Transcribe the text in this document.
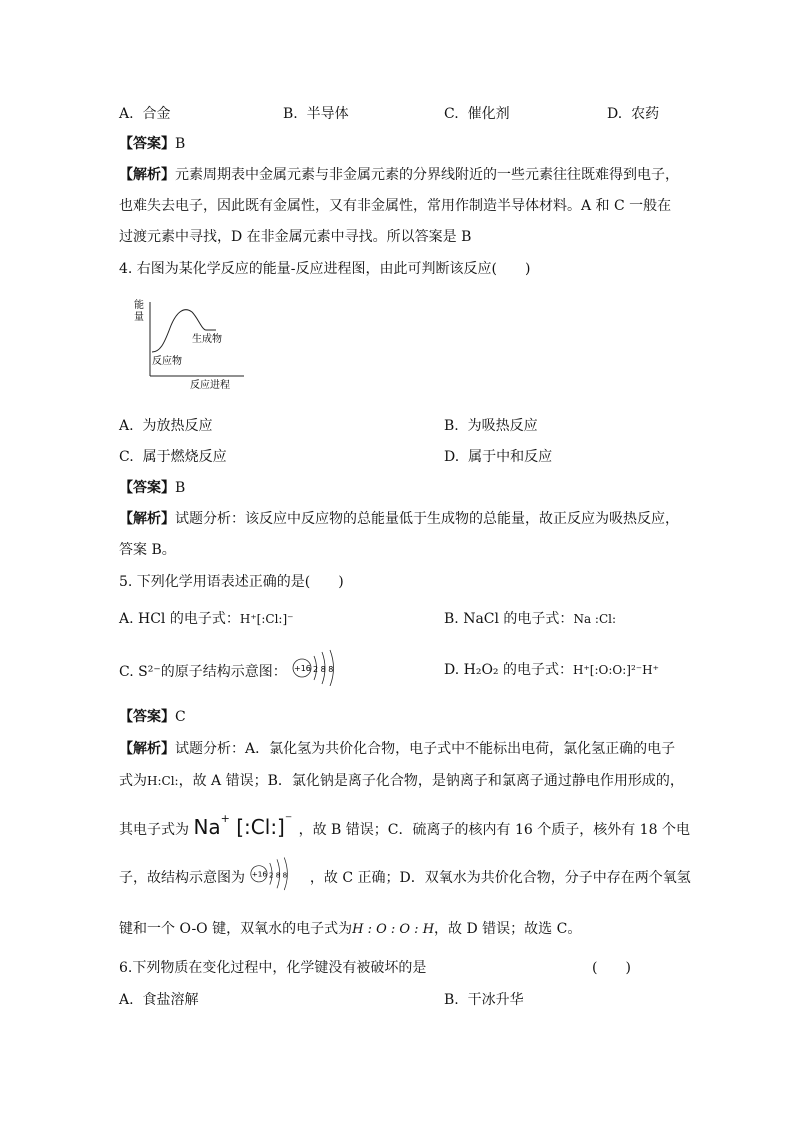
A. 合金	B. 半导体	C. 催化剂	D. 农药
【答案】B
【解析】元素周期表中金属元素与非金属元素的分界线附近的一些元素往往既难得到电子，
也难失去电子，因此既有金属性，又有非金属性，常用作制造半导体材料。A 和 C 一般在
过渡元素中寻找，D 在非金属元素中寻找。所以答案是 B
4. 右图为某化学反应的能量-反应进程图，由此可判断该反应(　　)
能
量
生成物
反应物
反应进程
A. 为放热反应	B. 为吸热反应
C. 属于燃烧反应	D. 属于中和反应
【答案】B
【解析】试题分析：该反应中反应物的总能量低于生成物的总能量，故正反应为吸热反应，
答案 B。
5. 下列化学用语表述正确的是(　　)
A. HCl 的电子式：H⁺[:Cl:]⁻	B. NaCl 的电子式：Na :Cl:
C. S²⁻的原子结构示意图： +16 2 8 8	D. H₂O₂ 的电子式：H⁺[:O:O:]²⁻H⁺
【答案】C
【解析】试题分析：A．氯化氢为共价化合物，电子式中不能标出电荷，氯化氢正确的电子
式为H:Cl:，故 A 错误；B．氯化钠是离子化合物，是钠离子和氯离子通过静电作用形成的，
其电子式为 Na+ [:Cl:]⁻ ，故 B 错误；C．硫离子的核内有 16 个质子，核外有 18 个电
子，故结构示意图为 +16 2 8 8 ，故 C 正确；D．双氧水为共价化合物，分子中存在两个氧氢
键和一个 O-O 键，双氧水的电子式为H : O : O : H，故 D 错误；故选 C。
6.下列物质在变化过程中，化学键没有被破坏的是	(　　)
A. 食盐溶解	B. 干冰升华
